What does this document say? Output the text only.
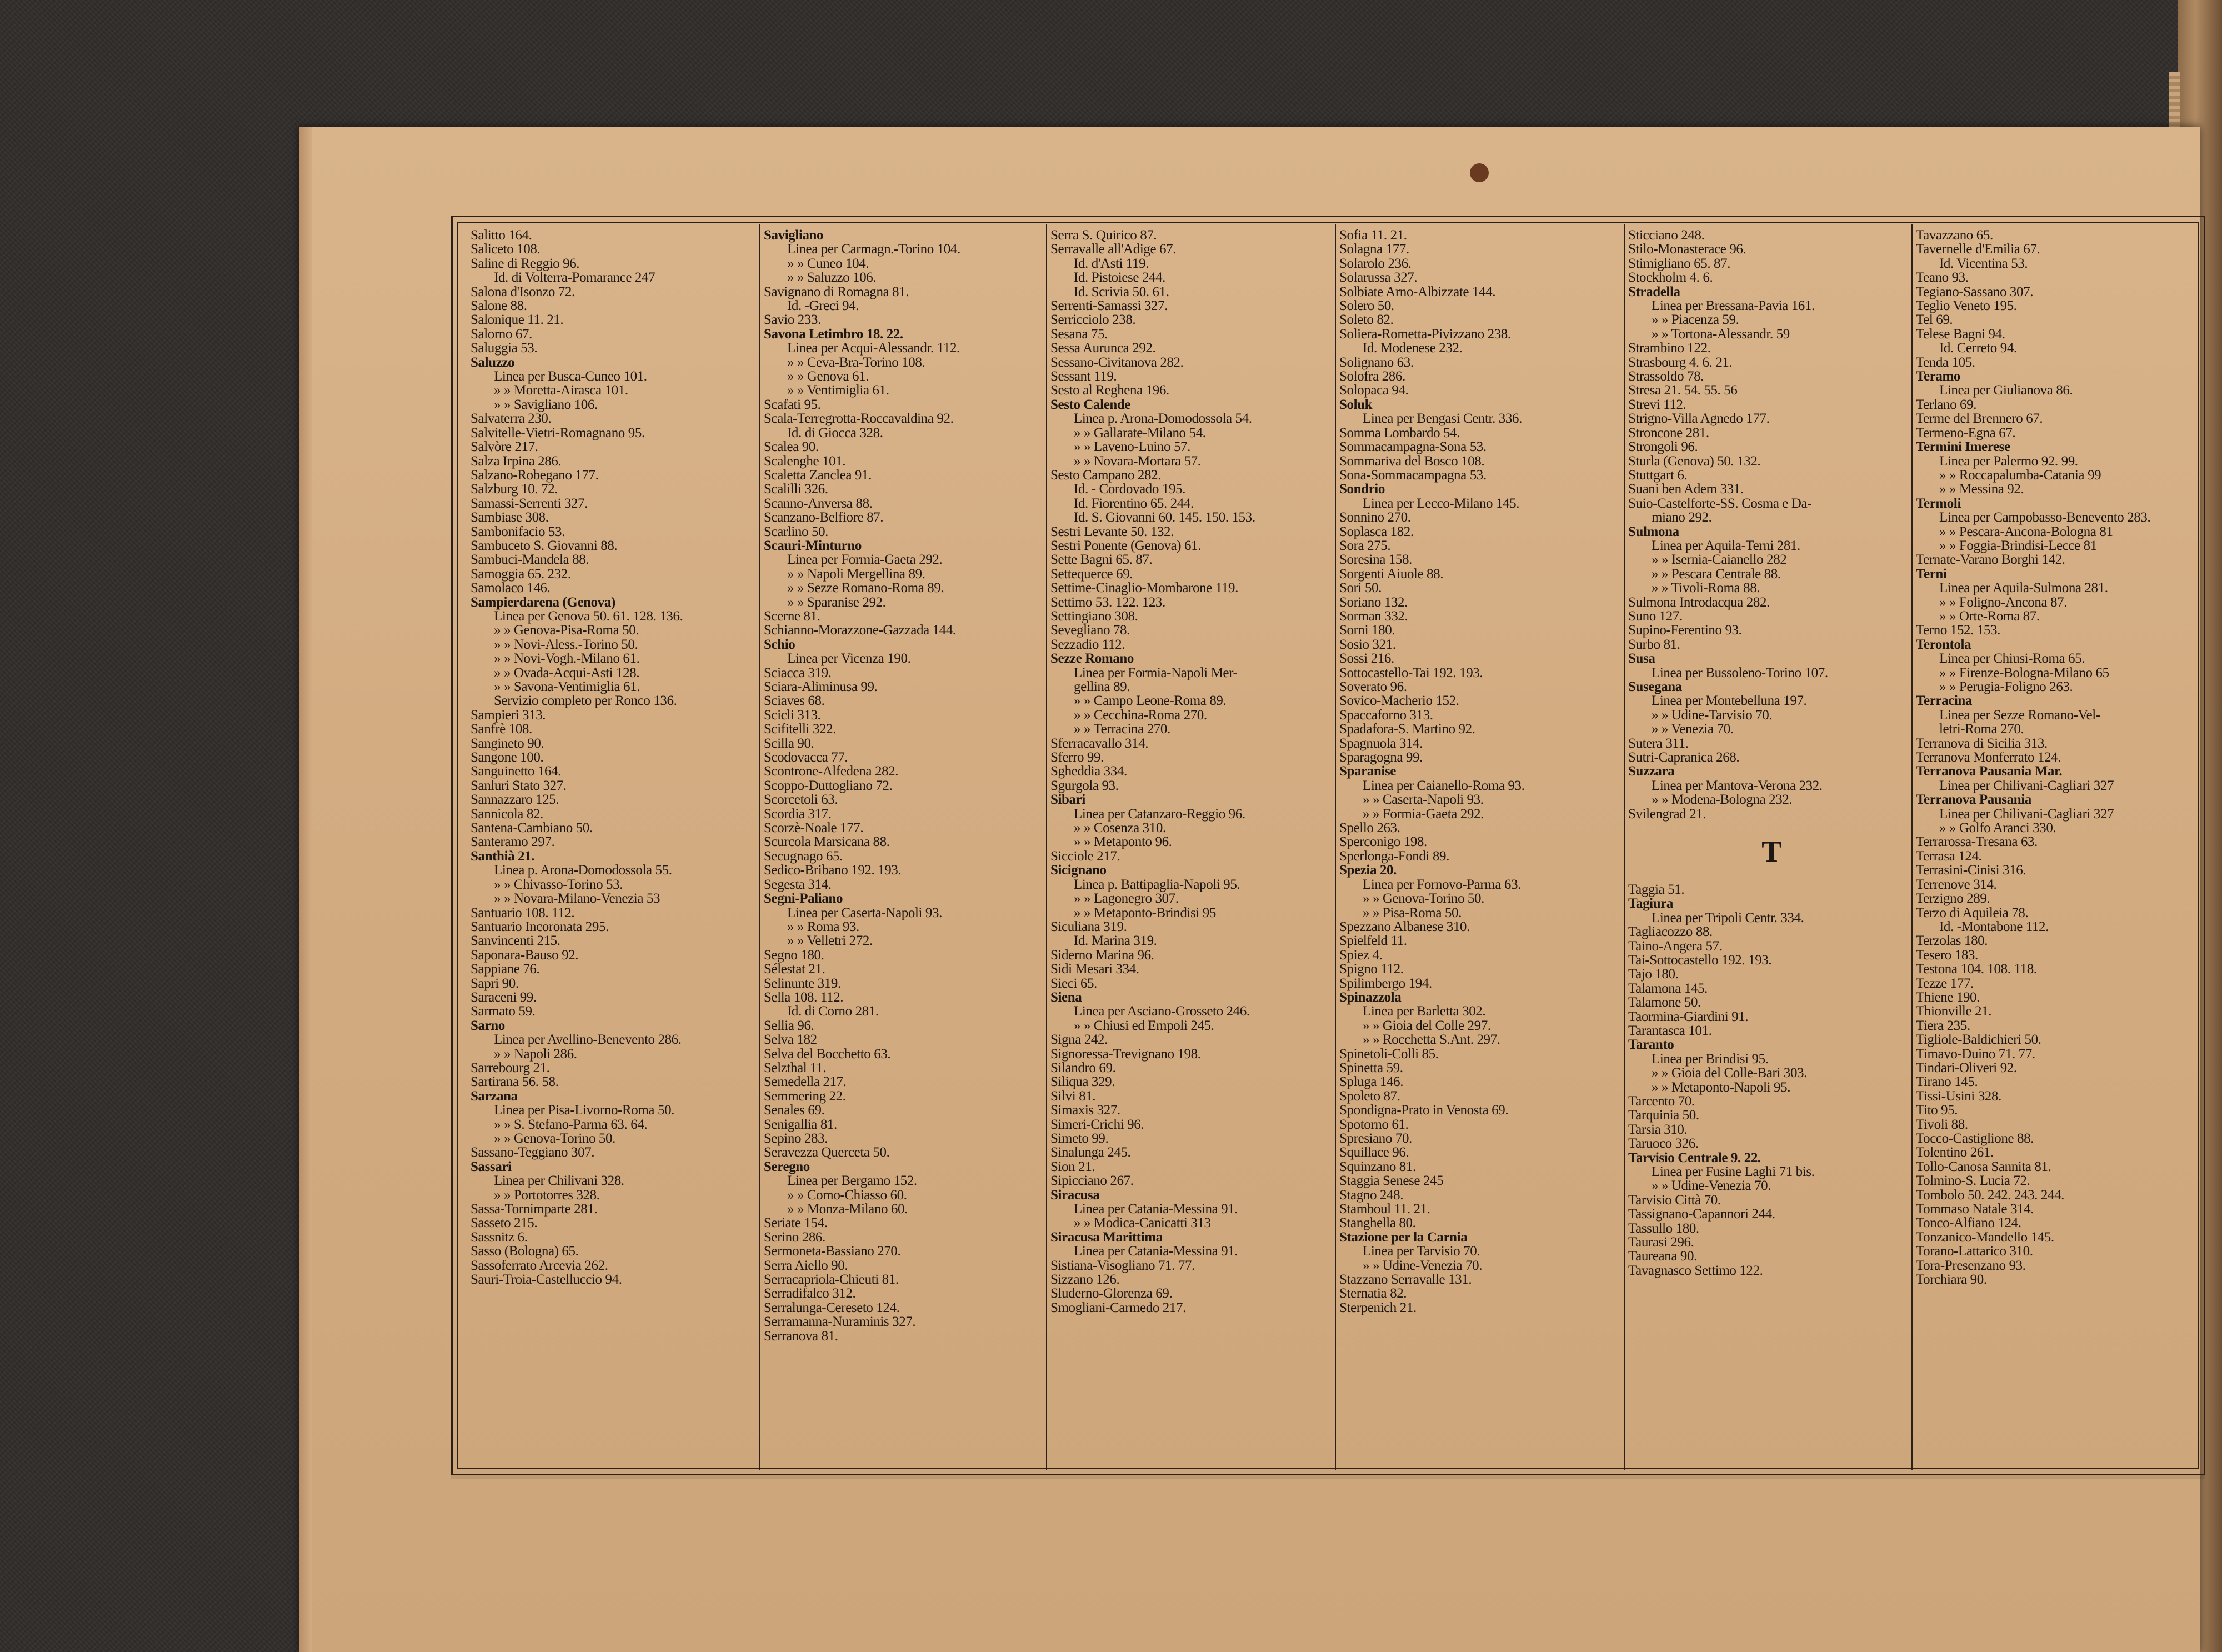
Salitto 164.
Saliceto 108.
Saline di Reggio 96.
Id. di Volterra-Pomarance 247
Salona d'Isonzo 72.
Salone 88.
Salonique 11. 21.
Salorno 67.
Saluggia 53.
Saluzzo
Linea per Busca-Cuneo 101.
» » Moretta-Airasca 101.
» » Savigliano 106.
Salvaterra 230.
Salvitelle-Vietri-Romagnano 95.
Salvòre 217.
Salza Irpina 286.
Salzano-Robegano 177.
Salzburg 10. 72.
Samassi-Serrenti 327.
Sambiase 308.
Sambonifacio 53.
Sambuceto S. Giovanni 88.
Sambuci-Mandela 88.
Samoggia 65. 232.
Samolaco 146.
Sampierdarena (Genova)
Linea per Genova 50. 61. 128. 136.
» » Genova-Pisa-Roma 50.
» » Novi-Aless.-Torino 50.
» » Novi-Vogh.-Milano 61.
» » Ovada-Acqui-Asti 128.
» » Savona-Ventimiglia 61.
Servizio completo per Ronco 136.
Sampieri 313.
Sanfrè 108.
Sangineto 90.
Sangone 100.
Sanguinetto 164.
Sanluri Stato 327.
Sannazzaro 125.
Sannicola 82.
Santena-Cambiano 50.
Santeramo 297.
Santhià 21.
Linea p. Arona-Domodossola 55.
» » Chivasso-Torino 53.
» » Novara-Milano-Venezia 53
Santuario 108. 112.
Santuario Incoronata 295.
Sanvincenti 215.
Saponara-Bauso 92.
Sappiane 76.
Sapri 90.
Saraceni 99.
Sarmato 59.
Sarno
Linea per Avellino-Benevento 286.
» » Napoli 286.
Sarrebourg 21.
Sartirana 56. 58.
Sarzana
Linea per Pisa-Livorno-Roma 50.
» » S. Stefano-Parma 63. 64.
» » Genova-Torino 50.
Sassano-Teggiano 307.
Sassari
Linea per Chilivani 328.
» » Portotorres 328.
Sassa-Tornimparte 281.
Sasseto 215.
Sassnitz 6.
Sasso (Bologna) 65.
Sassoferrato Arcevia 262.
Sauri-Troia-Castelluccio 94.
Savigliano
Linea per Carmagn.-Torino 104.
» » Cuneo 104.
» » Saluzzo 106.
Savignano di Romagna 81.
Id. -Greci 94.
Savio 233.
Savona Letimbro 18. 22.
Linea per Acqui-Alessandr. 112.
» » Ceva-Bra-Torino 108.
» » Genova 61.
» » Ventimiglia 61.
Scafati 95.
Scala-Terregrotta-Roccavaldina 92.
Id. di Giocca 328.
Scalea 90.
Scalenghe 101.
Scaletta Zanclea 91.
Scalilli 326.
Scanno-Anversa 88.
Scanzano-Belfiore 87.
Scarlino 50.
Scauri-Minturno
Linea per Formia-Gaeta 292.
» » Napoli Mergellina 89.
» » Sezze Romano-Roma 89.
» » Sparanise 292.
Scerne 81.
Schianno-Morazzone-Gazzada 144.
Schio
Linea per Vicenza 190.
Sciacca 319.
Sciara-Aliminusa 99.
Sciaves 68.
Scicli 313.
Scifitelli 322.
Scilla 90.
Scodovacca 77.
Scontrone-Alfedena 282.
Scoppo-Duttogliano 72.
Scorcetoli 63.
Scordia 317.
Scorzè-Noale 177.
Scurcola Marsicana 88.
Secugnago 65.
Sedico-Bribano 192. 193.
Segesta 314.
Segni-Paliano
Linea per Caserta-Napoli 93.
» » Roma 93.
» » Velletri 272.
Segno 180.
Sélestat 21.
Selinunte 319.
Sella 108. 112.
Id. di Corno 281.
Sellia 96.
Selva 182
Selva del Bocchetto 63.
Selzthal 11.
Semedella 217.
Semmering 22.
Senales 69.
Senigallia 81.
Sepino 283.
Seravezza Querceta 50.
Seregno
Linea per Bergamo 152.
» » Como-Chiasso 60.
» » Monza-Milano 60.
Seriate 154.
Serino 286.
Sermoneta-Bassiano 270.
Serra Aiello 90.
Serracapriola-Chieuti 81.
Serradifalco 312.
Serralunga-Cereseto 124.
Serramanna-Nuraminis 327.
Serranova 81.
Serra S. Quirico 87.
Serravalle all'Adige 67.
Id. d'Asti 119.
Id. Pistoiese 244.
Id. Scrivia 50. 61.
Serrenti-Samassi 327.
Serricciolo 238.
Sesana 75.
Sessa Aurunca 292.
Sessano-Civitanova 282.
Sessant 119.
Sesto al Reghena 196.
Sesto Calende
Linea p. Arona-Domodossola 54.
» » Gallarate-Milano 54.
» » Laveno-Luino 57.
» » Novara-Mortara 57.
Sesto Campano 282.
Id. - Cordovado 195.
Id. Fiorentino 65. 244.
Id. S. Giovanni 60. 145. 150. 153.
Sestri Levante 50. 132.
Sestri Ponente (Genova) 61.
Sette Bagni 65. 87.
Settequerce 69.
Settime-Cinaglio-Mombarone 119.
Settimo 53. 122. 123.
Settingiano 308.
Sevegliano 78.
Sezzadio 112.
Sezze Romano
Linea per Formia-Napoli Mer-
gellina 89.
» » Campo Leone-Roma 89.
» » Cecchina-Roma 270.
» » Terracina 270.
Sferracavallo 314.
Sferro 99.
Sgheddia 334.
Sgurgola 93.
Sibari
Linea per Catanzaro-Reggio 96.
» » Cosenza 310.
» » Metaponto 96.
Sicciole 217.
Sicignano
Linea p. Battipaglia-Napoli 95.
» » Lagonegro 307.
» » Metaponto-Brindisi 95
Siculiana 319.
Id. Marina 319.
Siderno Marina 96.
Sidi Mesari 334.
Sieci 65.
Siena
Linea per Asciano-Grosseto 246.
» » Chiusi ed Empoli 245.
Signa 242.
Signoressa-Trevignano 198.
Silandro 69.
Siliqua 329.
Silvi 81.
Simaxis 327.
Simeri-Crichi 96.
Simeto 99.
Sinalunga 245.
Sion 21.
Sipicciano 267.
Siracusa
Linea per Catania-Messina 91.
» » Modica-Canicatti 313
Siracusa Marittima
Linea per Catania-Messina 91.
Sistiana-Visogliano 71. 77.
Sizzano 126.
Sluderno-Glorenza 69.
Smogliani-Carmedo 217.
Sofia 11. 21.
Solagna 177.
Solarolo 236.
Solarussa 327.
Solbiate Arno-Albizzate 144.
Solero 50.
Soleto 82.
Soliera-Rometta-Pivizzano 238.
Id. Modenese 232.
Solignano 63.
Solofra 286.
Solopaca 94.
Soluk
Linea per Bengasi Centr. 336.
Somma Lombardo 54.
Sommacampagna-Sona 53.
Sommariva del Bosco 108.
Sona-Sommacampagna 53.
Sondrio
Linea per Lecco-Milano 145.
Sonnino 270.
Soplasca 182.
Sora 275.
Soresina 158.
Sorgenti Aiuole 88.
Sori 50.
Soriano 132.
Sorman 332.
Sorni 180.
Sosio 321.
Sossi 216.
Sottocastello-Tai 192. 193.
Soverato 96.
Sovico-Macherio 152.
Spaccaforno 313.
Spadafora-S. Martino 92.
Spagnuola 314.
Sparagogna 99.
Sparanise
Linea per Caianello-Roma 93.
» » Caserta-Napoli 93.
» » Formia-Gaeta 292.
Spello 263.
Sperconigo 198.
Sperlonga-Fondi 89.
Spezia 20.
Linea per Fornovo-Parma 63.
» » Genova-Torino 50.
» » Pisa-Roma 50.
Spezzano Albanese 310.
Spielfeld 11.
Spiez 4.
Spigno 112.
Spilimbergo 194.
Spinazzola
Linea per Barletta 302.
» » Gioia del Colle 297.
» » Rocchetta S.Ant. 297.
Spinetoli-Colli 85.
Spinetta 59.
Spluga 146.
Spoleto 87.
Spondigna-Prato in Venosta 69.
Spotorno 61.
Spresiano 70.
Squillace 96.
Squinzano 81.
Staggia Senese 245
Stagno 248.
Stamboul 11. 21.
Stanghella 80.
Stazione per la Carnia
Linea per Tarvisio 70.
» » Udine-Venezia 70.
Stazzano Serravalle 131.
Sternatia 82.
Sterpenich 21.
Sticciano 248.
Stilo-Monasterace 96.
Stimigliano 65. 87.
Stockholm 4. 6.
Stradella
Linea per Bressana-Pavia 161.
» » Piacenza 59.
» » Tortona-Alessandr. 59
Strambino 122.
Strasbourg 4. 6. 21.
Strassoldo 78.
Stresa 21. 54. 55. 56
Strevi 112.
Strigno-Villa Agnedo 177.
Stroncone 281.
Strongoli 96.
Sturla (Genova) 50. 132.
Stuttgart 6.
Suani ben Adem 331.
Suio-Castelforte-SS. Cosma e Da-
miano 292.
Sulmona
Linea per Aquila-Terni 281.
» » Isernia-Caianello 282
» » Pescara Centrale 88.
» » Tivoli-Roma 88.
Sulmona Introdacqua 282.
Suno 127.
Supino-Ferentino 93.
Surbo 81.
Susa
Linea per Bussoleno-Torino 107.
Susegana
Linea per Montebelluna 197.
» » Udine-Tarvisio 70.
» » Venezia 70.
Sutera 311.
Sutri-Capranica 268.
Suzzara
Linea per Mantova-Verona 232.
» » Modena-Bologna 232.
Svilengrad 21.

T

Taggia 51.
Tagiura
Linea per Tripoli Centr. 334.
Tagliacozzo 88.
Taino-Angera 57.
Tai-Sottocastello 192. 193.
Tajo 180.
Talamona 145.
Talamone 50.
Taormina-Giardini 91.
Tarantasca 101.
Taranto
Linea per Brindisi 95.
» » Gioia del Colle-Bari 303.
» » Metaponto-Napoli 95.
Tarcento 70.
Tarquinia 50.
Tarsia 310.
Taruoco 326.
Tarvisio Centrale 9. 22.
Linea per Fusine Laghi 71 bis.
» » Udine-Venezia 70.
Tarvisio Città 70.
Tassignano-Capannori 244.
Tassullo 180.
Taurasi 296.
Taureana 90.
Tavagnasco Settimo 122.
Tavazzano 65.
Tavernelle d'Emilia 67.
Id. Vicentina 53.
Teano 93.
Tegiano-Sassano 307.
Teglio Veneto 195.
Tel 69.
Telese Bagni 94.
Id. Cerreto 94.
Tenda 105.
Teramo
Linea per Giulianova 86.
Terlano 69.
Terme del Brennero 67.
Termeno-Egna 67.
Termini Imerese
Linea per Palermo 92. 99.
» » Roccapalumba-Catania 99
» » Messina 92.
Termoli
Linea per Campobasso-Benevento 283.
» » Pescara-Ancona-Bologna 81
» » Foggia-Brindisi-Lecce 81
Ternate-Varano Borghi 142.
Terni
Linea per Aquila-Sulmona 281.
» » Foligno-Ancona 87.
» » Orte-Roma 87.
Terno 152. 153.
Terontola
Linea per Chiusi-Roma 65.
» » Firenze-Bologna-Milano 65
» » Perugia-Foligno 263.
Terracina
Linea per Sezze Romano-Vel-
letri-Roma 270.
Terranova di Sicilia 313.
Terranova Monferrato 124.
Terranova Pausania Mar.
Linea per Chilivani-Cagliari 327
Terranova Pausania
Linea per Chilivani-Cagliari 327
» » Golfo Aranci 330.
Terrarossa-Tresana 63.
Terrasa 124.
Terrasini-Cinisi 316.
Terrenove 314.
Terzigno 289.
Terzo di Aquileia 78.
Id. -Montabone 112.
Terzolas 180.
Tesero 183.
Testona 104. 108. 118.
Tezze 177.
Thiene 190.
Thionville 21.
Tiera 235.
Tigliole-Baldichieri 50.
Timavo-Duino 71. 77.
Tindari-Oliveri 92.
Tirano 145.
Tissi-Usini 328.
Tito 95.
Tivoli 88.
Tocco-Castiglione 88.
Tolentino 261.
Tollo-Canosa Sannita 81.
Tolmino-S. Lucia 72.
Tombolo 50. 242. 243. 244.
Tommaso Natale 314.
Tonco-Alfiano 124.
Tonzanico-Mandello 145.
Torano-Lattarico 310.
Tora-Presenzano 93.
Torchiara 90.
